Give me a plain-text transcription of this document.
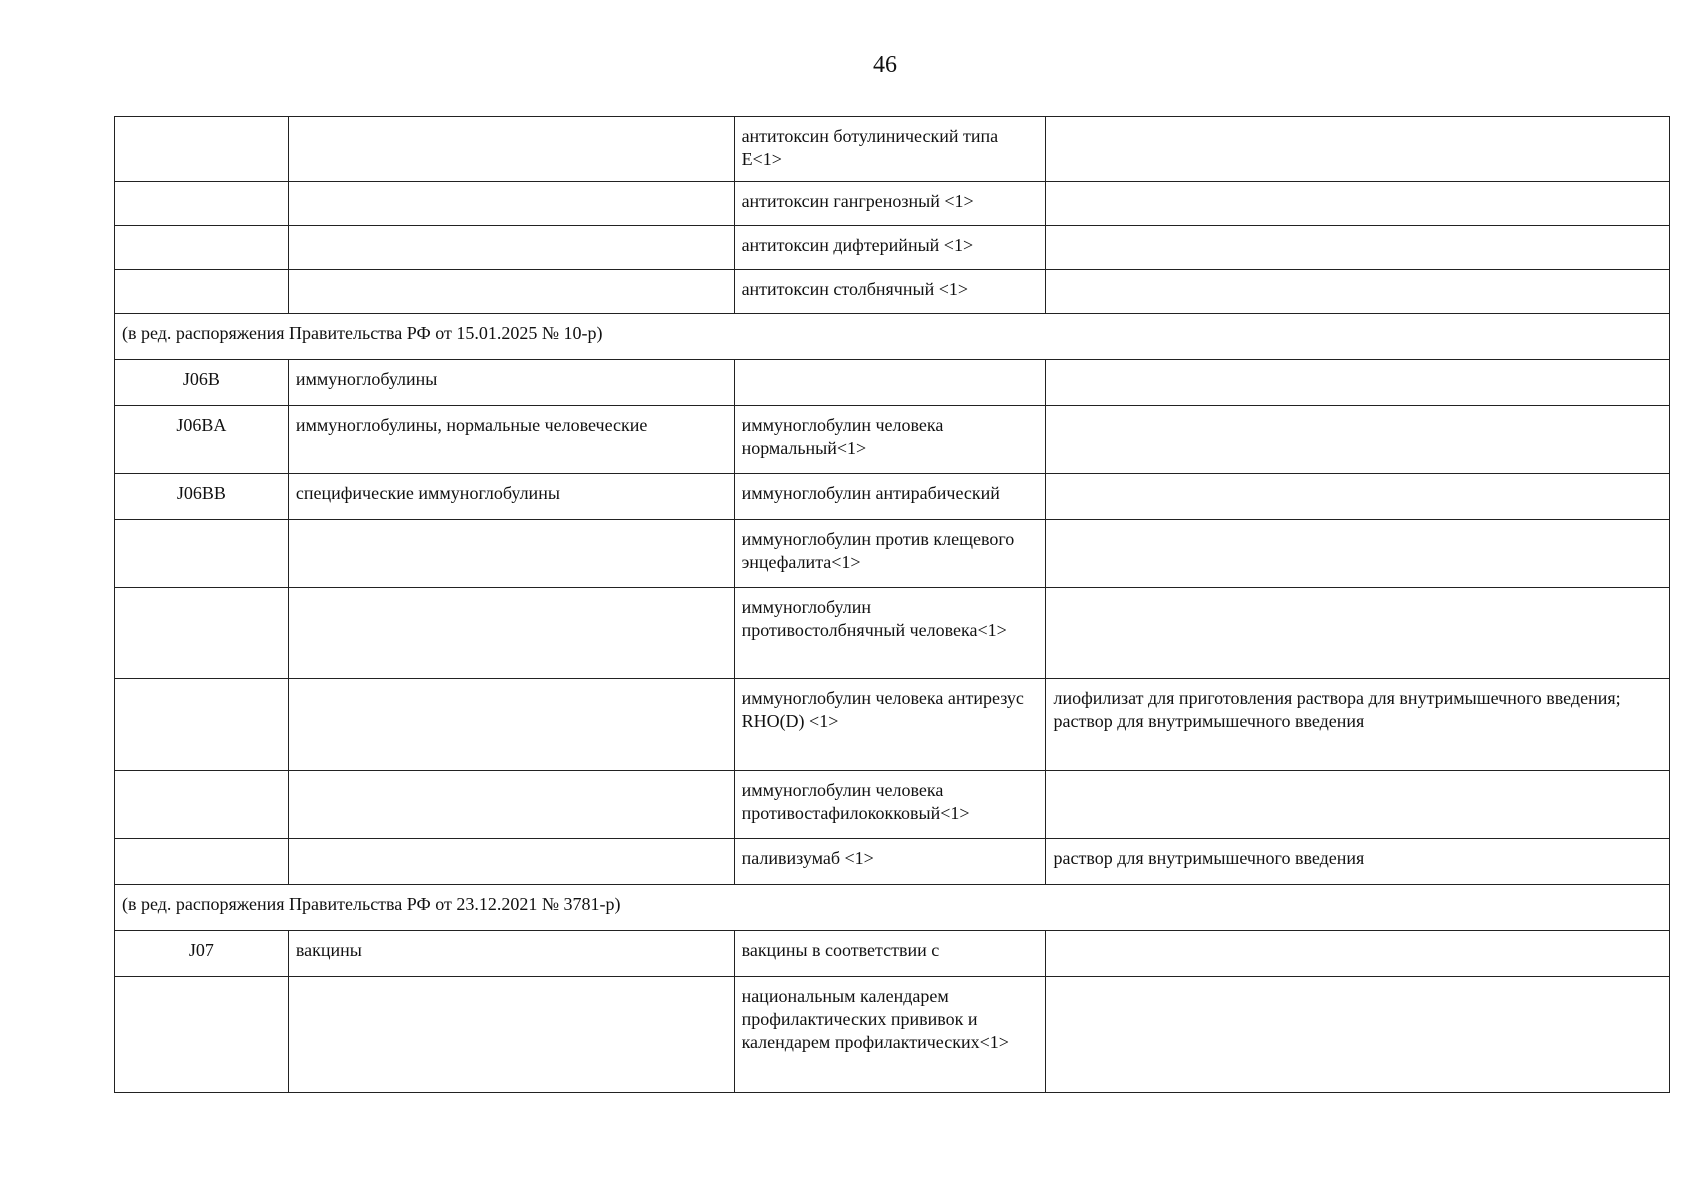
46
		антитоксин ботулинический типа E<1>	
		антитоксин гангренозный <1>	
		антитоксин дифтерийный <1>	
		антитоксин столбнячный <1>	
(в ред. распоряжения Правительства РФ от 15.01.2025 № 10-р)			
J06B	иммуноглобулины		
J06BA	иммуноглобулины, нормальные человеческие	иммуноглобулин человека нормальный<1>	
J06BB	специфические иммуноглобулины	иммуноглобулин антирабический	
		иммуноглобулин против клещевого энцефалита<1>	
		иммуноглобулин противостолбнячный человека<1>	
		иммуноглобулин человека антирезус RHO(D) <1>	лиофилизат для приготовления раствора для внутримышечного введения;
раствор для внутримышечного введения
		иммуноглобулин человека противостафилококковый<1>	
		паливизумаб <1>	раствор для внутримышечного введения
(в ред. распоряжения Правительства РФ от 23.12.2021 № 3781-р)			
J07	вакцины	вакцины в соответствии с	
		национальным календарем профилактических прививок и календарем профилактических<1>	
